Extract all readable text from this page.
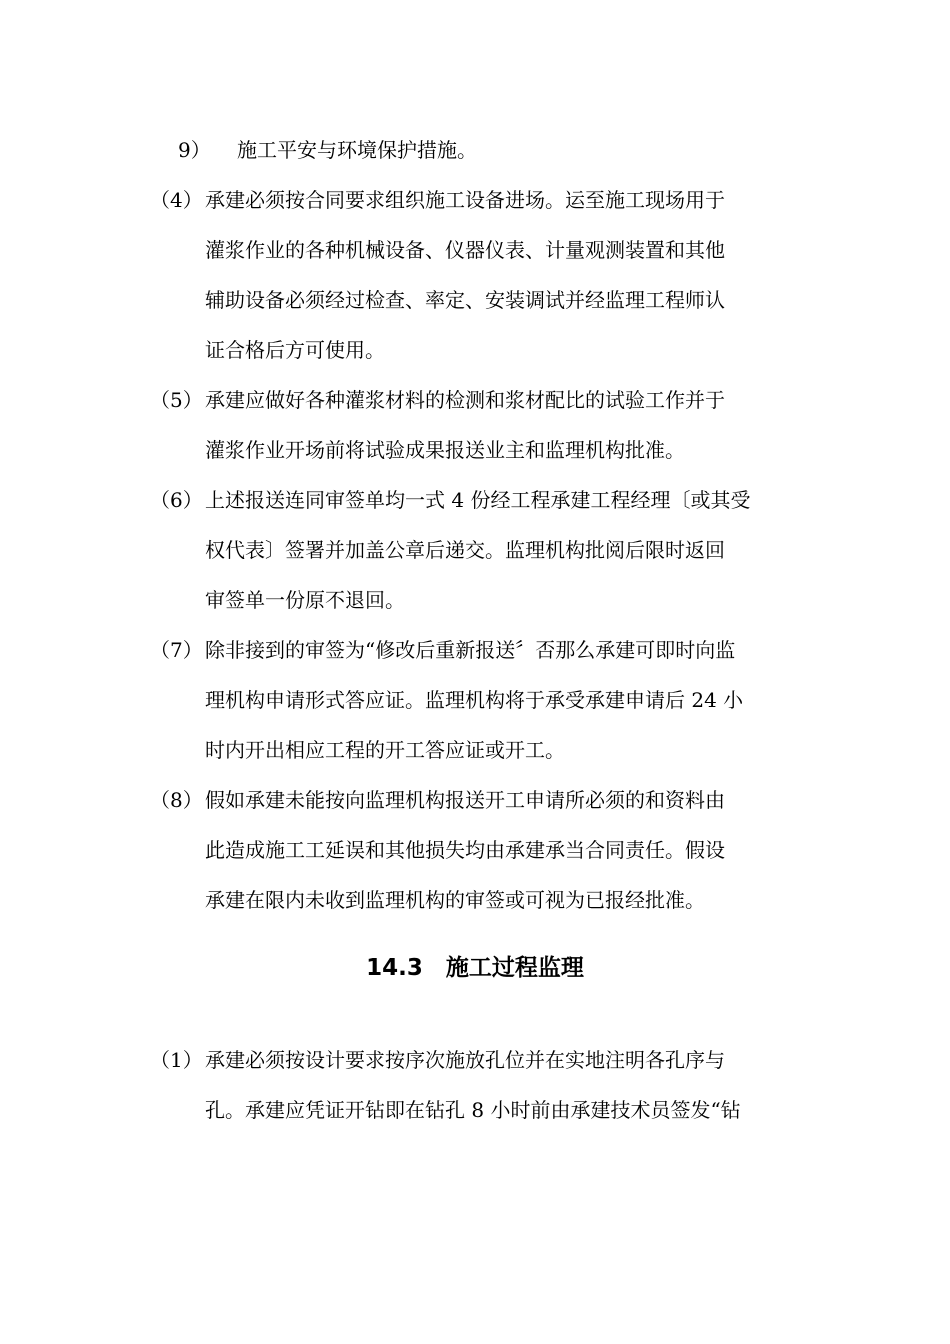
9） 施工平安与环境保护措施。
（4） 承建必须按合同要求组织施工设备进场。运至施工现场用于
灌浆作业的各种机械设备、仪器仪表、计量观测装置和其他
辅助设备必须经过检查、率定、安装调试并经监理工程师认
证合格后方可使用。
（5） 承建应做好各种灌浆材料的检测和浆材配比的试验工作并于
灌浆作业开场前将试验成果报送业主和监理机构批准。
（6） 上述报送连同审签单均一式 4 份经工程承建工程经理〔或其受
权代表〕签署并加盖公章后递交。监理机构批阅后限时返回
审签单一份原不退回。
（7） 除非接到的审签为“修改后重新报送〞否那么承建可即时向监
理机构申请形式答应证。监理机构将于承受承建申请后 24 小
时内开出相应工程的开工答应证或开工。
（8） 假如承建未能按向监理机构报送开工申请所必须的和资料由
此造成施工工延误和其他损失均由承建承当合同责任。假设
承建在限内未收到监理机构的审签或可视为已报经批准。
14.3　施工过程监理
（1） 承建必须按设计要求按序次施放孔位并在实地注明各孔序与
孔。承建应凭证开钻即在钻孔 8 小时前由承建技术员签发“钻
